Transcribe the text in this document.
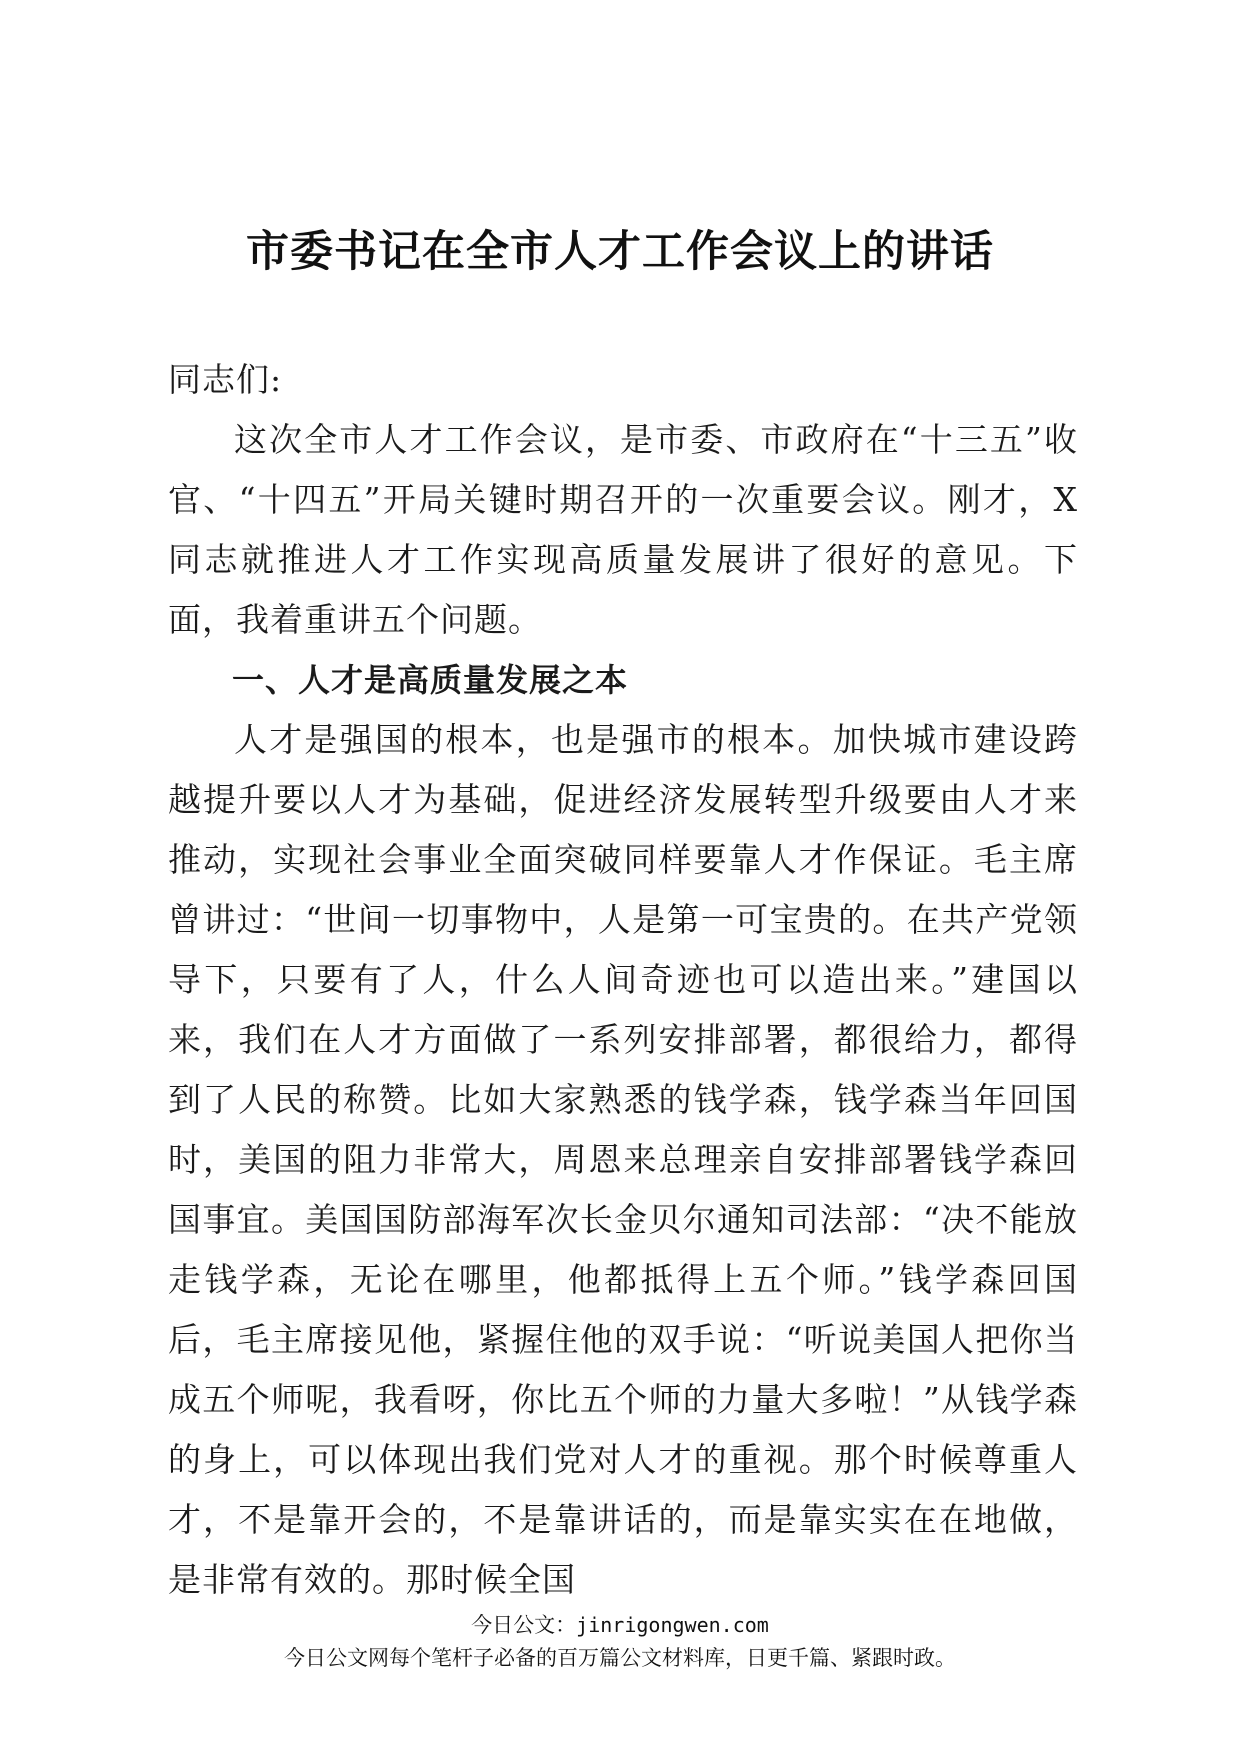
市委书记在全市人才工作会议上的讲话

同志们:

这次全市人才工作会议，是市委、市政府在“十三五”收官、“十四五”开局关键时期召开的一次重要会议。刚才，X同志就推进人才工作实现高质量发展讲了很好的意见。下面，我着重讲五个问题。

一、人才是高质量发展之本

人才是强国的根本，也是强市的根本。加快城市建设跨越提升要以人才为基础，促进经济发展转型升级要由人才来推动，实现社会事业全面突破同样要靠人才作保证。毛主席曾讲过：“世间一切事物中，人是第一可宝贵的。在共产党领导下，只要有了人，什么人间奇迹也可以造出来。”建国以来，我们在人才方面做了一系列安排部署，都很给力，都得到了人民的称赞。比如大家熟悉的钱学森，钱学森当年回国时，美国的阻力非常大，周恩来总理亲自安排部署钱学森回国事宜。美国国防部海军次长金贝尔通知司法部：“决不能放走钱学森，无论在哪里，他都抵得上五个师。”钱学森回国后，毛主席接见他，紧握住他的双手说：“听说美国人把你当成五个师呢，我看呀，你比五个师的力量大多啦！”从钱学森的身上，可以体现出我们党对人才的重视。那个时候尊重人才，不是靠开会的，不是靠讲话的，而是靠实实在在地做，是非常有效的。那时候全国

今日公文：jinrigongwen.com
今日公文网每个笔杆子必备的百万篇公文材料库，日更千篇、紧跟时政。
